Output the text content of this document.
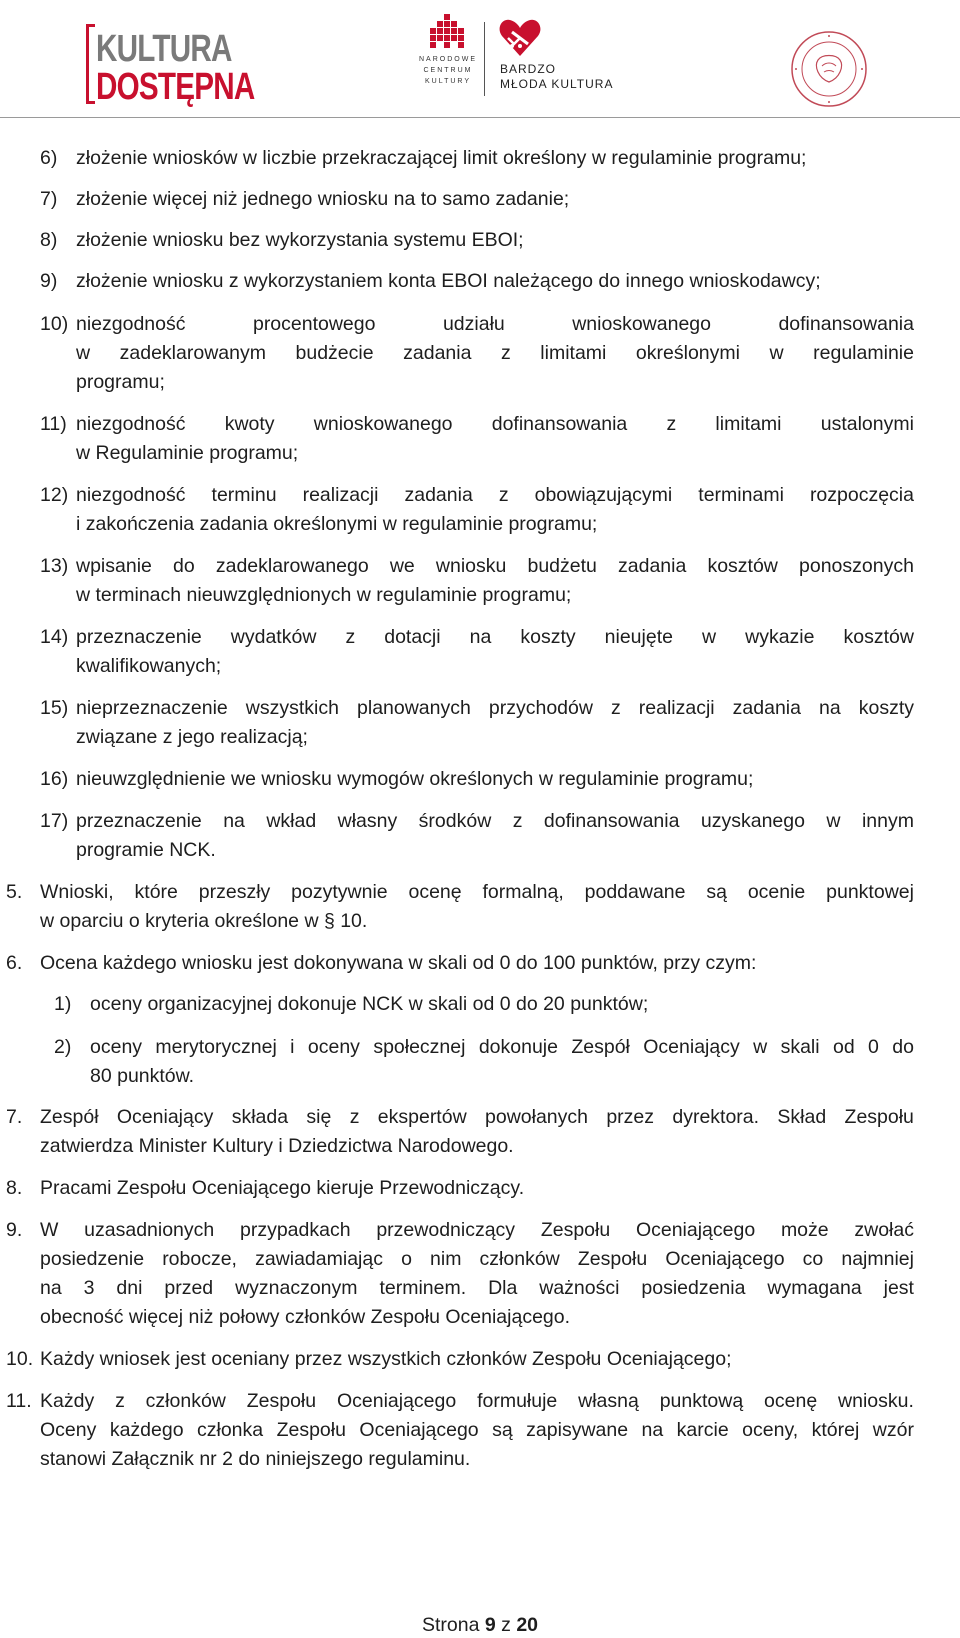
KULTURA
DOSTĘPNA
NARODOWE
CENTRUM
KULTURY
BARDZO
MŁODA KULTURA
6) złożenie wniosków w liczbie przekraczającej limit określony w regulaminie programu;
7) złożenie więcej niż jednego wniosku na to samo zadanie;
8) złożenie wniosku bez wykorzystania systemu EBOI;
9) złożenie wniosku z wykorzystaniem konta EBOI należącego do innego wnioskodawcy;
10) niezgodność	procentowego	udziału	wnioskowanego	dofinansowania
w zadeklarowanym budżecie zadania z limitami określonymi w regulaminie
programu;
11) niezgodność kwoty wnioskowanego dofinansowania z limitami ustalonymi
w Regulaminie programu;
12) niezgodność terminu realizacji zadania z obowiązującymi terminami rozpoczęcia
i zakończenia zadania określonymi w regulaminie programu;
13) wpisanie do zadeklarowanego we wniosku budżetu zadania kosztów ponoszonych
w terminach nieuwzględnionych w regulaminie programu;
14) przeznaczenie wydatków z dotacji na koszty nieujęte w wykazie kosztów
kwalifikowanych;
15) nieprzeznaczenie wszystkich planowanych przychodów z realizacji zadania na koszty
związane z jego realizacją;
16) nieuwzględnienie we wniosku wymogów określonych w regulaminie programu;
17) przeznaczenie na wkład własny środków z dofinansowania uzyskanego w innym
programie NCK.
5. Wnioski, które przeszły pozytywnie ocenę formalną, poddawane są ocenie punktowej
w oparciu o kryteria określone w § 10.
6. Ocena każdego wniosku jest dokonywana w skali od 0 do 100 punktów, przy czym:
1) oceny organizacyjnej dokonuje NCK w skali od 0 do 20 punktów;
2) oceny merytorycznej i oceny społecznej dokonuje Zespół Oceniający w skali od 0 do
80 punktów.
7. Zespół Oceniający składa się z ekspertów powołanych przez dyrektora. Skład Zespołu
zatwierdza Minister Kultury i Dziedzictwa Narodowego.
8. Pracami Zespołu Oceniającego kieruje Przewodniczący.
9. W uzasadnionych przypadkach przewodniczący Zespołu Oceniającego może zwołać
posiedzenie robocze, zawiadamiając o nim członków Zespołu Oceniającego co najmniej
na 3 dni przed wyznaczonym terminem. Dla ważności posiedzenia wymagana jest
obecność więcej niż połowy członków Zespołu Oceniającego.
10. Każdy wniosek jest oceniany przez wszystkich członków Zespołu Oceniającego;
11. Każdy z członków Zespołu Oceniającego formułuje własną punktową ocenę wniosku.
Oceny każdego członka Zespołu Oceniającego są zapisywane na karcie oceny, której wzór
stanowi Załącznik nr 2 do niniejszego regulaminu.
Strona 9 z 20
